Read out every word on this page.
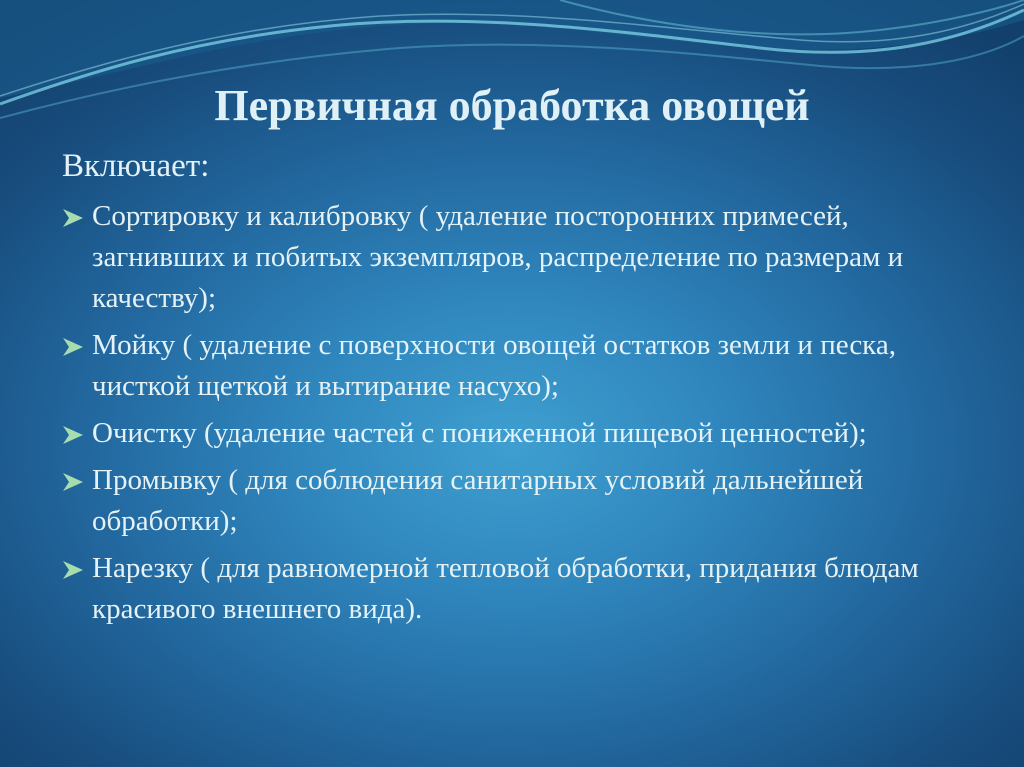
Первичная обработка овощей

Включает:

Сортировку и калибровку ( удаление посторонних примесей, загнивших и побитых экземпляров, распределение по размерам и качеству);
Мойку ( удаление с поверхности овощей остатков земли и песка, чисткой щеткой и вытирание насухо);
Очистку (удаление частей с пониженной пищевой ценностей);
Промывку ( для соблюдения санитарных условий дальнейшей обработки);
Нарезку ( для равномерной тепловой обработки, придания блюдам красивого внешнего вида).
